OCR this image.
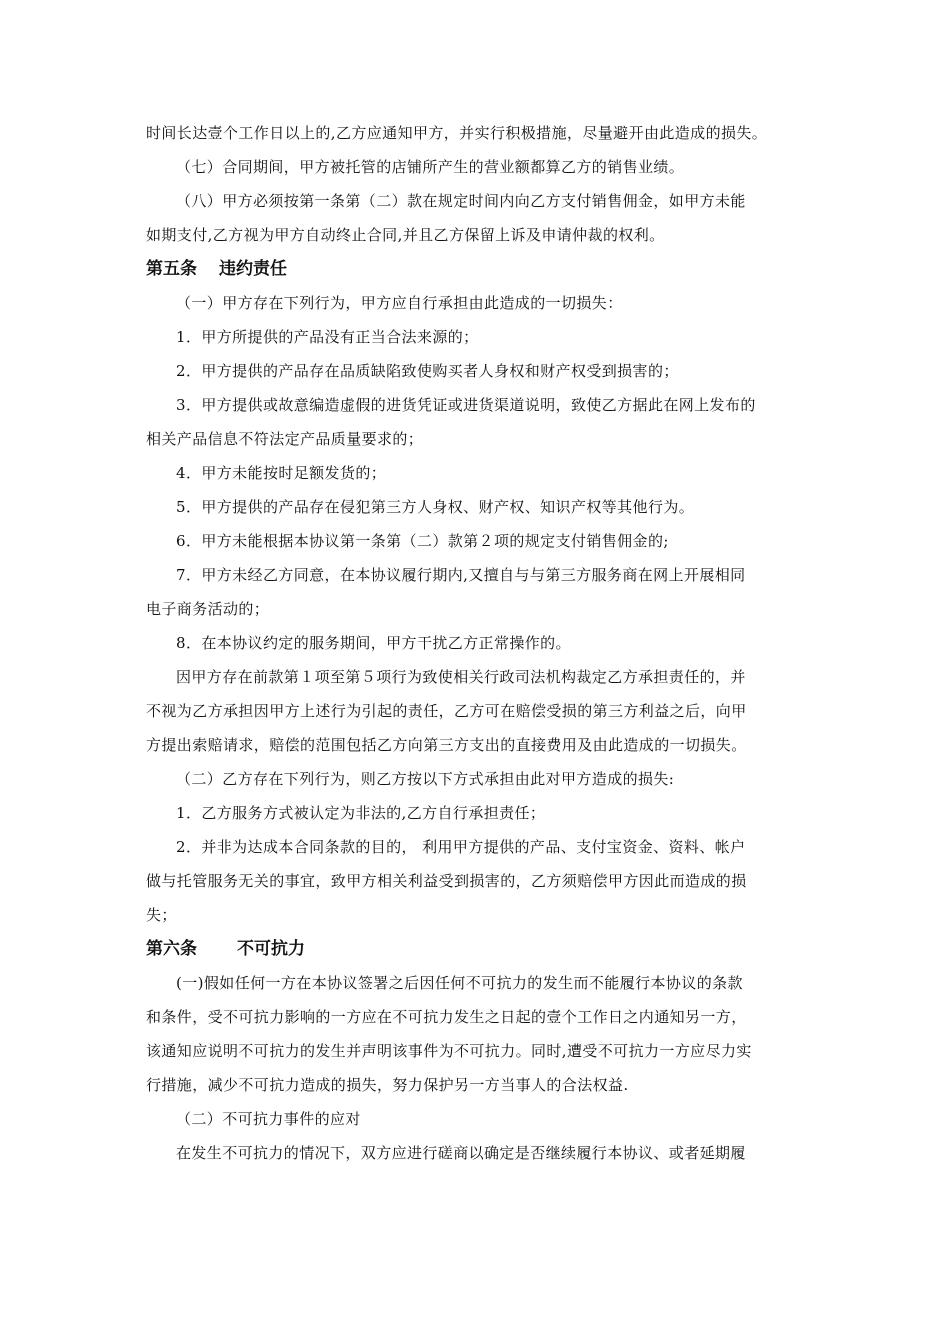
时间长达壹个工作日以上的,乙方应通知甲方，并实行积极措施，尽量避开由此造成的损失。
（七）合同期间，甲方被托管的店铺所产生的营业额都算乙方的销售业绩。
（八）甲方必须按第一条第（二）款在规定时间内向乙方支付销售佣金，如甲方未能
如期支付,乙方视为甲方自动终止合同,并且乙方保留上诉及申请仲裁的权利。
第五条 违约责任
（一）甲方存在下列行为，甲方应自行承担由此造成的一切损失：
1．甲方所提供的产品没有正当合法来源的；
2．甲方提供的产品存在品质缺陷致使购买者人身权和财产权受到损害的；
3．甲方提供或故意编造虚假的进货凭证或进货渠道说明，致使乙方据此在网上发布的
相关产品信息不符法定产品质量要求的；
4．甲方未能按时足额发货的；
5．甲方提供的产品存在侵犯第三方人身权、财产权、知识产权等其他行为。
6．甲方未能根据本协议第一条第（二）款第２项的规定支付销售佣金的;
7．甲方未经乙方同意，在本协议履行期内,又擅自与与第三方服务商在网上开展相同
电子商务活动的；
8．在本协议约定的服务期间，甲方干扰乙方正常操作的。
因甲方存在前款第１项至第５项行为致使相关行政司法机构裁定乙方承担责任的，并
不视为乙方承担因甲方上述行为引起的责任，乙方可在赔偿受损的第三方利益之后，向甲
方提出索赔请求，赔偿的范围包括乙方向第三方支出的直接费用及由此造成的一切损失。
（二）乙方存在下列行为，则乙方按以下方式承担由此对甲方造成的损失:
1．乙方服务方式被认定为非法的,乙方自行承担责任；
2．并非为达成本合同条款的目的， 利用甲方提供的产品、支付宝资金、资料、帐户
做与托管服务无关的事宜，致甲方相关利益受到损害的，乙方须赔偿甲方因此而造成的损
失；
第六条 不可抗力
(一)假如任何一方在本协议签署之后因任何不可抗力的发生而不能履行本协议的条款
和条件，受不可抗力影响的一方应在不可抗力发生之日起的壹个工作日之内通知另一方，
该通知应说明不可抗力的发生并声明该事件为不可抗力。同时,遭受不可抗力一方应尽力实
行措施，减少不可抗力造成的损失，努力保护另一方当事人的合法权益.
（二）不可抗力事件的应对
在发生不可抗力的情况下，双方应进行磋商以确定是否继续履行本协议、或者延期履
